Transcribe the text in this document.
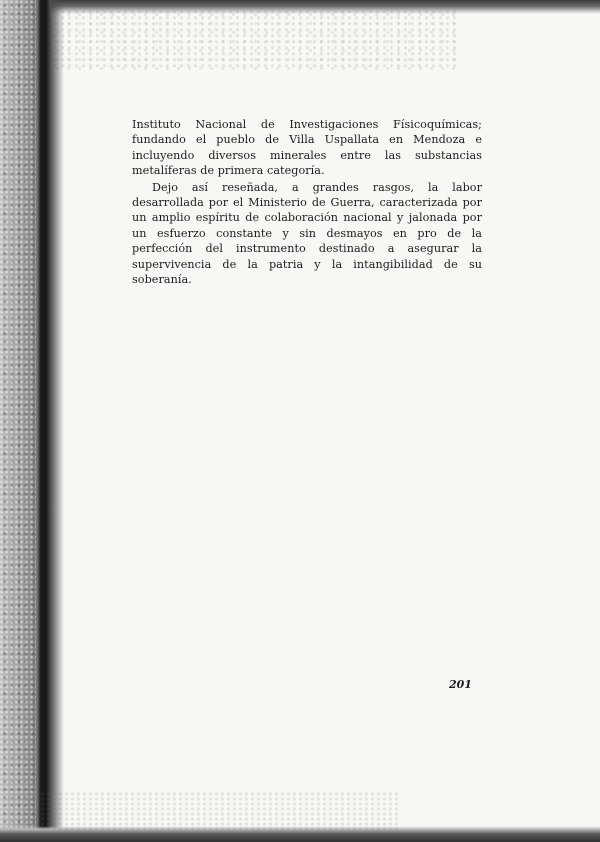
Instituto Nacional de Investigaciones Físicoquímicas; fundando el pueblo de Villa Uspallata en Mendoza e incluyendo diversos minerales entre las substancias metalíferas de primera categoría.

Dejo así reseñada, a grandes rasgos, la labor desarrollada por el Ministerio de Guerra, caracterizada por un amplio espíritu de colaboración nacional y jalonada por un esfuerzo constante y sin desmayos en pro de la perfección del instrumento destinado a asegurar la supervivencia de la patria y la intangibilidad de su soberanía.

201
